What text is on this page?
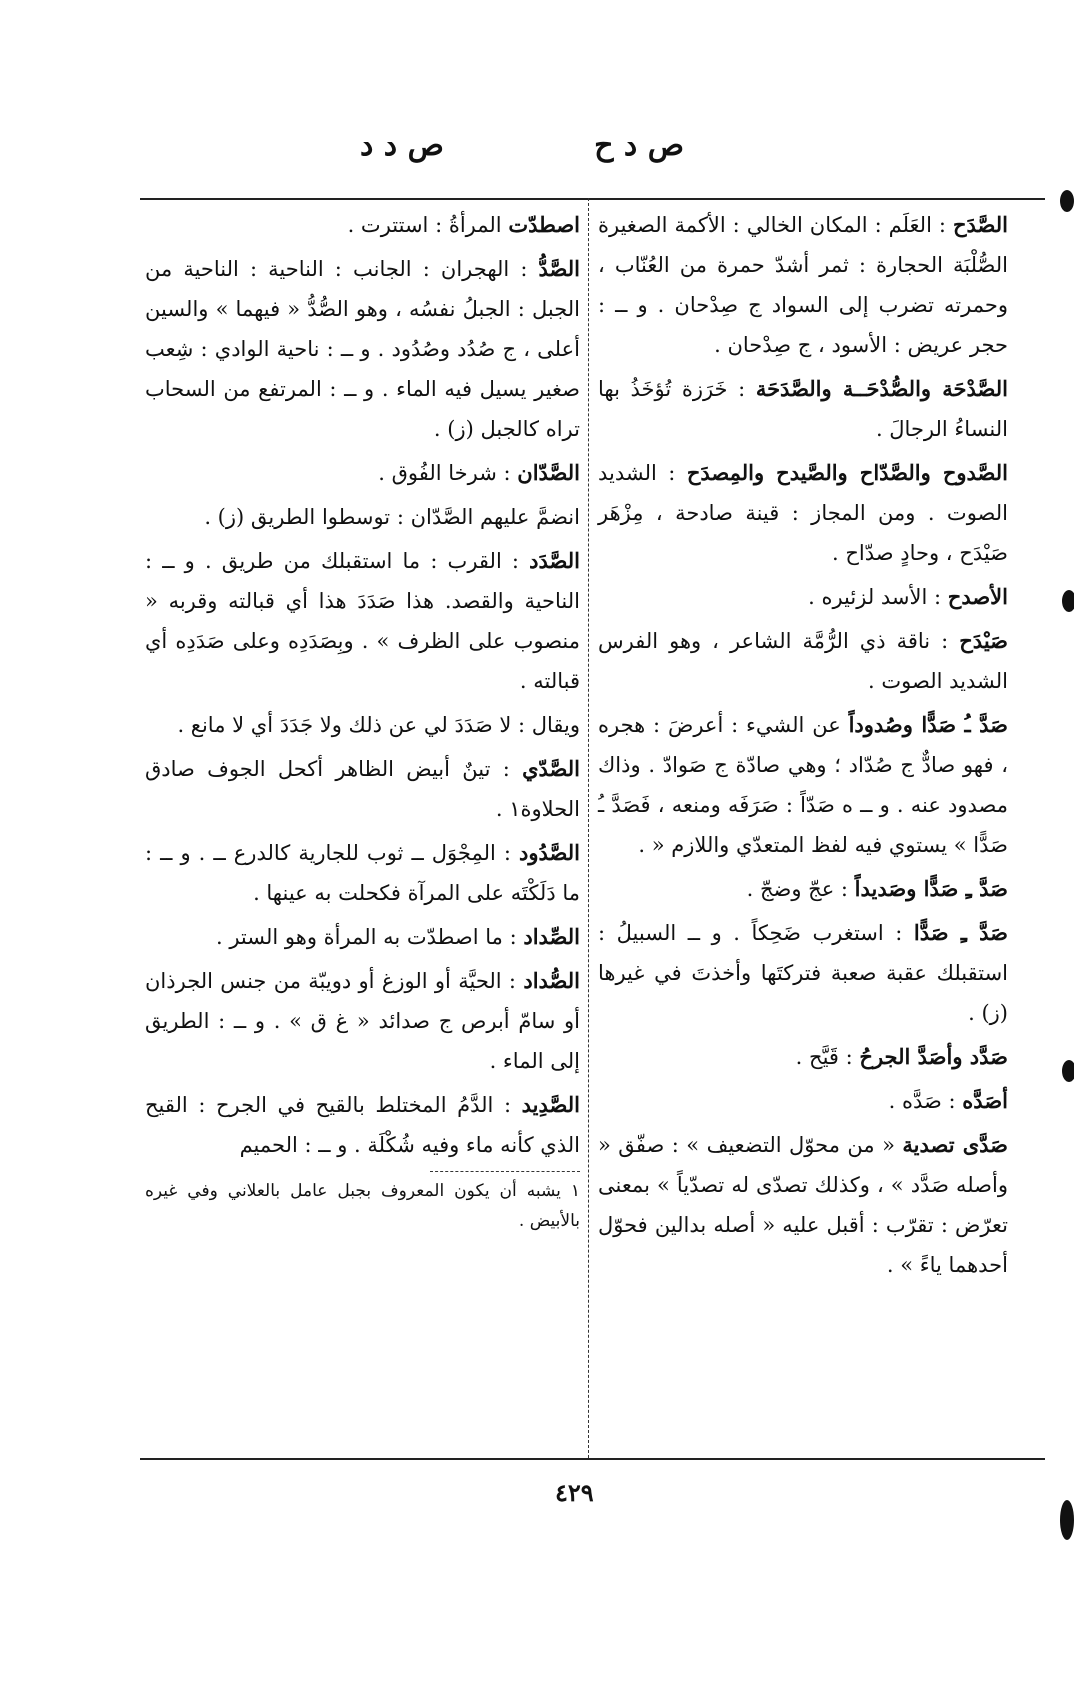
ص د ح
ص د د
الصَّدَح : العَلَم : المكان الخالي : الأكمة الصغيرة الصُّلْبَة الحجارة : ثمر أشدّ حمرة من العُنّاب ، وحمرته تضرب إلى السواد ج صِدْحان . و ــ : حجر عريض : الأسود ، ج صِدْحان .
الصَّدْحَة والصُّدْحَــة والصَّدَحَة : خَرَزة تُؤخَذُ بها النساءُ الرجالَ .
الصَّدوح والصَّدّاح والصَّيدح والمِصدَح : الشديد الصوت . ومن المجاز : قينة صادحة ، مِزْهَر صَيْدَح ، وحادٍ صدّاح .
الأصدح : الأسد لزئيره .
صَيْدَح : ناقة ذي الرُّمَّة الشاعر ، وهو الفرس الشديد الصوت .
صَدَّ ـُ صَدًّا وصُدوداً عن الشيء : أعرضَ : هجره ، فهو صادٌّ ج صُدّاد ؛ وهي صادّة ج صَوادّ . وذاك مصدود عنه . و ــ ه صَدّاً : صَرَفَه ومنعه ، فَصَدَّ ـُ صَدًّا » يستوي فيه لفظ المتعدّي واللازم « .
صَدَّ ـِ صَدًّا وصَديداً : عجّ وضجّ .
صَدَّ ـِ صَدًّا : استغرب ضَحِكاً . و ــ السبيلُ : استقبلك عقبة صعبة فتركتَها وأخذتَ في غيرها (ز) .
صَدَّد وأصَدَّ الجرحُ : قَيَّح .
أصَدَّه : صَدَّه .
صَدَّى تصدية « من محوّل التضعيف » : صفّق « وأصله صَدَّد » ، وكذلك تصدّى له تصدّياً » بمعنى تعرّض : تقرّب : أقبل عليه « أصله بدالين فحوّل أحدهما ياءً » .
اصطدّت المرأةُ : استترت .
الصَّدُّ : الهجران : الجانب : الناحية : الناحية من الجبل : الجبلُ نفسُه ، وهو الصُّدُّ « فيهما » والسين أعلى ، ج صُدُد وصُدُود . و ــ : ناحية الوادي : شِعب صغير يسيل فيه الماء . و ــ : المرتفع من السحاب تراه كالجبل (ز) .
الصَّدّان : شرخا الفُوق .
انضمَّ عليهم الصَّدّان : توسطوا الطريق (ز) .
الصَّدَد : القرب : ما استقبلك من طريق . و ــ : الناحية والقصد. هذا صَدَدَ هذا أي قبالته وقربه « منصوب على الظرف » . وبِصَدَدِه وعلى صَدَدِه أي قبالته .
ويقال : لا صَدَدَ لي عن ذلك ولا جَدَدَ أي لا مانع .
الصَّدّي : تينٌ أبيض الظاهر أكحل الجوف صادق الحلاوة١ .
الصَّدُود : المِجْوَل ــ ثوب للجارية كالدرع ــ . و ــ : ما دَلَكْتَه على المرآة فكحلت به عينها .
الصِّداد : ما اصطدّت به المرأة وهو الستر .
الصُّداد : الحيَّة أو الوزغ أو دويبّة من جنس الجرذان أو سامّ أبرص ج صدائد « غ ق » . و ــ : الطريق إلى الماء .
الصَّدِيد : الدَّمُ المختلط بالقيح في الجرح : القيح الذي كأنه ماء وفيه شُكْلَة . و ــ : الحميم
١ يشبه أن يكون المعروف بجبل عامل بالعلاني وفي غيره بالأبيض .
٤٢٩
